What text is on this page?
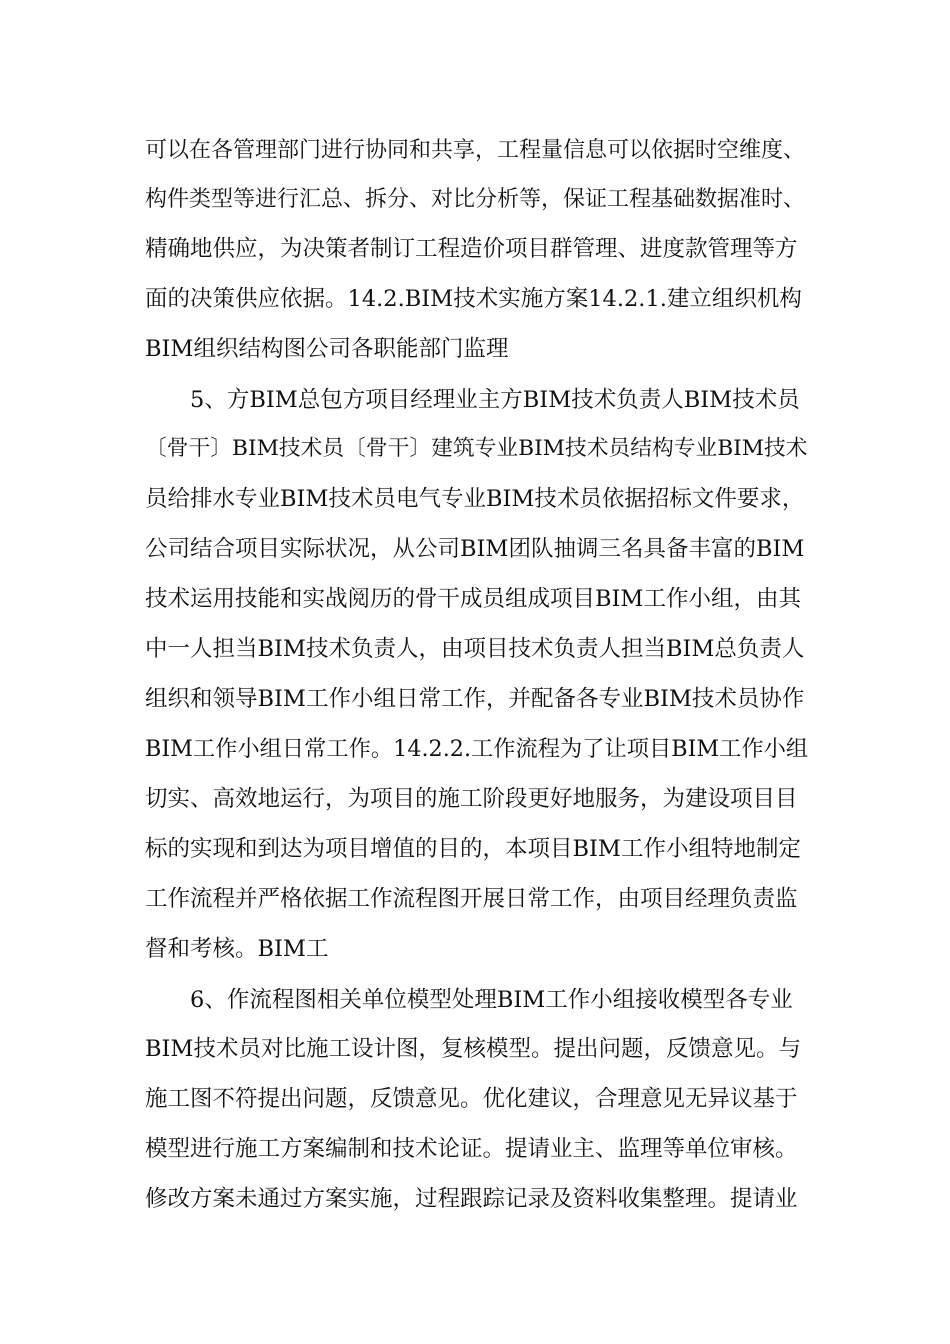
可以在各管理部门进行协同和共享，工程量信息可以依据时空维度、
构件类型等进行汇总、拆分、对比分析等，保证工程基础数据准时、
精确地供应，为决策者制订工程造价项目群管理、进度款管理等方
面的决策供应依据。14.2.BIM技术实施方案14.2.1.建立组织机构
BIM组织结构图公司各职能部门监理
5、方BIM总包方项目经理业主方BIM技术负责人BIM技术员
〔骨干〕BIM技术员〔骨干〕建筑专业BIM技术员结构专业BIM技术
员给排水专业BIM技术员电气专业BIM技术员依据招标文件要求，
公司结合项目实际状况，从公司BIM团队抽调三名具备丰富的BIM
技术运用技能和实战阅历的骨干成员组成项目BIM工作小组，由其
中一人担当BIM技术负责人，由项目技术负责人担当BIM总负责人
组织和领导BIM工作小组日常工作，并配备各专业BIM技术员协作
BIM工作小组日常工作。14.2.2.工作流程为了让项目BIM工作小组
切实、高效地运行，为项目的施工阶段更好地服务，为建设项目目
标的实现和到达为项目增值的目的，本项目BIM工作小组特地制定
工作流程并严格依据工作流程图开展日常工作，由项目经理负责监
督和考核。BIM工
6、作流程图相关单位模型处理BIM工作小组接收模型各专业
BIM技术员对比施工设计图，复核模型。提出问题，反馈意见。与
施工图不符提出问题，反馈意见。优化建议，合理意见无异议基于
模型进行施工方案编制和技术论证。提请业主、监理等单位审核。
修改方案未通过方案实施，过程跟踪记录及资料收集整理。提请业
